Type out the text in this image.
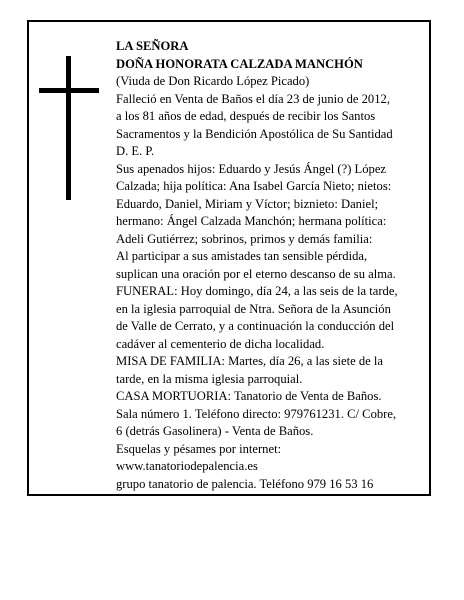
LA SEÑORA
DOÑA HONORATA CALZADA MANCHÓN
(Viuda de Don Ricardo López Picado)
Falleció en Venta de Baños el día 23 de junio de 2012,
a los 81 años de edad, después de recibir los Santos
Sacramentos y la Bendición Apostólica de Su Santidad
D. E. P.
Sus apenados hijos: Eduardo y Jesús Ángel (?) López
Calzada; hija política: Ana Isabel García Nieto; nietos:
Eduardo, Daniel, Miriam y Víctor; biznieto: Daniel;
hermano: Ángel Calzada Manchón; hermana política:
Adeli Gutiérrez; sobrinos, primos y demás familia:
Al participar a sus amistades tan sensible pérdida,
suplican una oración por el eterno descanso de su alma.
FUNERAL: Hoy domingo, día 24, a las seis de la tarde,
en la iglesia parroquial de Ntra. Señora de la Asunción
de Valle de Cerrato, y a continuación la conducción del
cadáver al cementerio de dicha localidad.
MISA DE FAMILIA: Martes, día 26, a las siete de la
tarde, en la misma iglesia parroquial.
CASA MORTUORIA: Tanatorio de Venta de Baños.
Sala número 1. Teléfono directo: 979761231. C/ Cobre,
6 (detrás Gasolinera) - Venta de Baños.
Esquelas y pésames por internet:
www.tanatoriodepalencia.es
grupo tanatorio de palencia. Teléfono 979 16 53 16
